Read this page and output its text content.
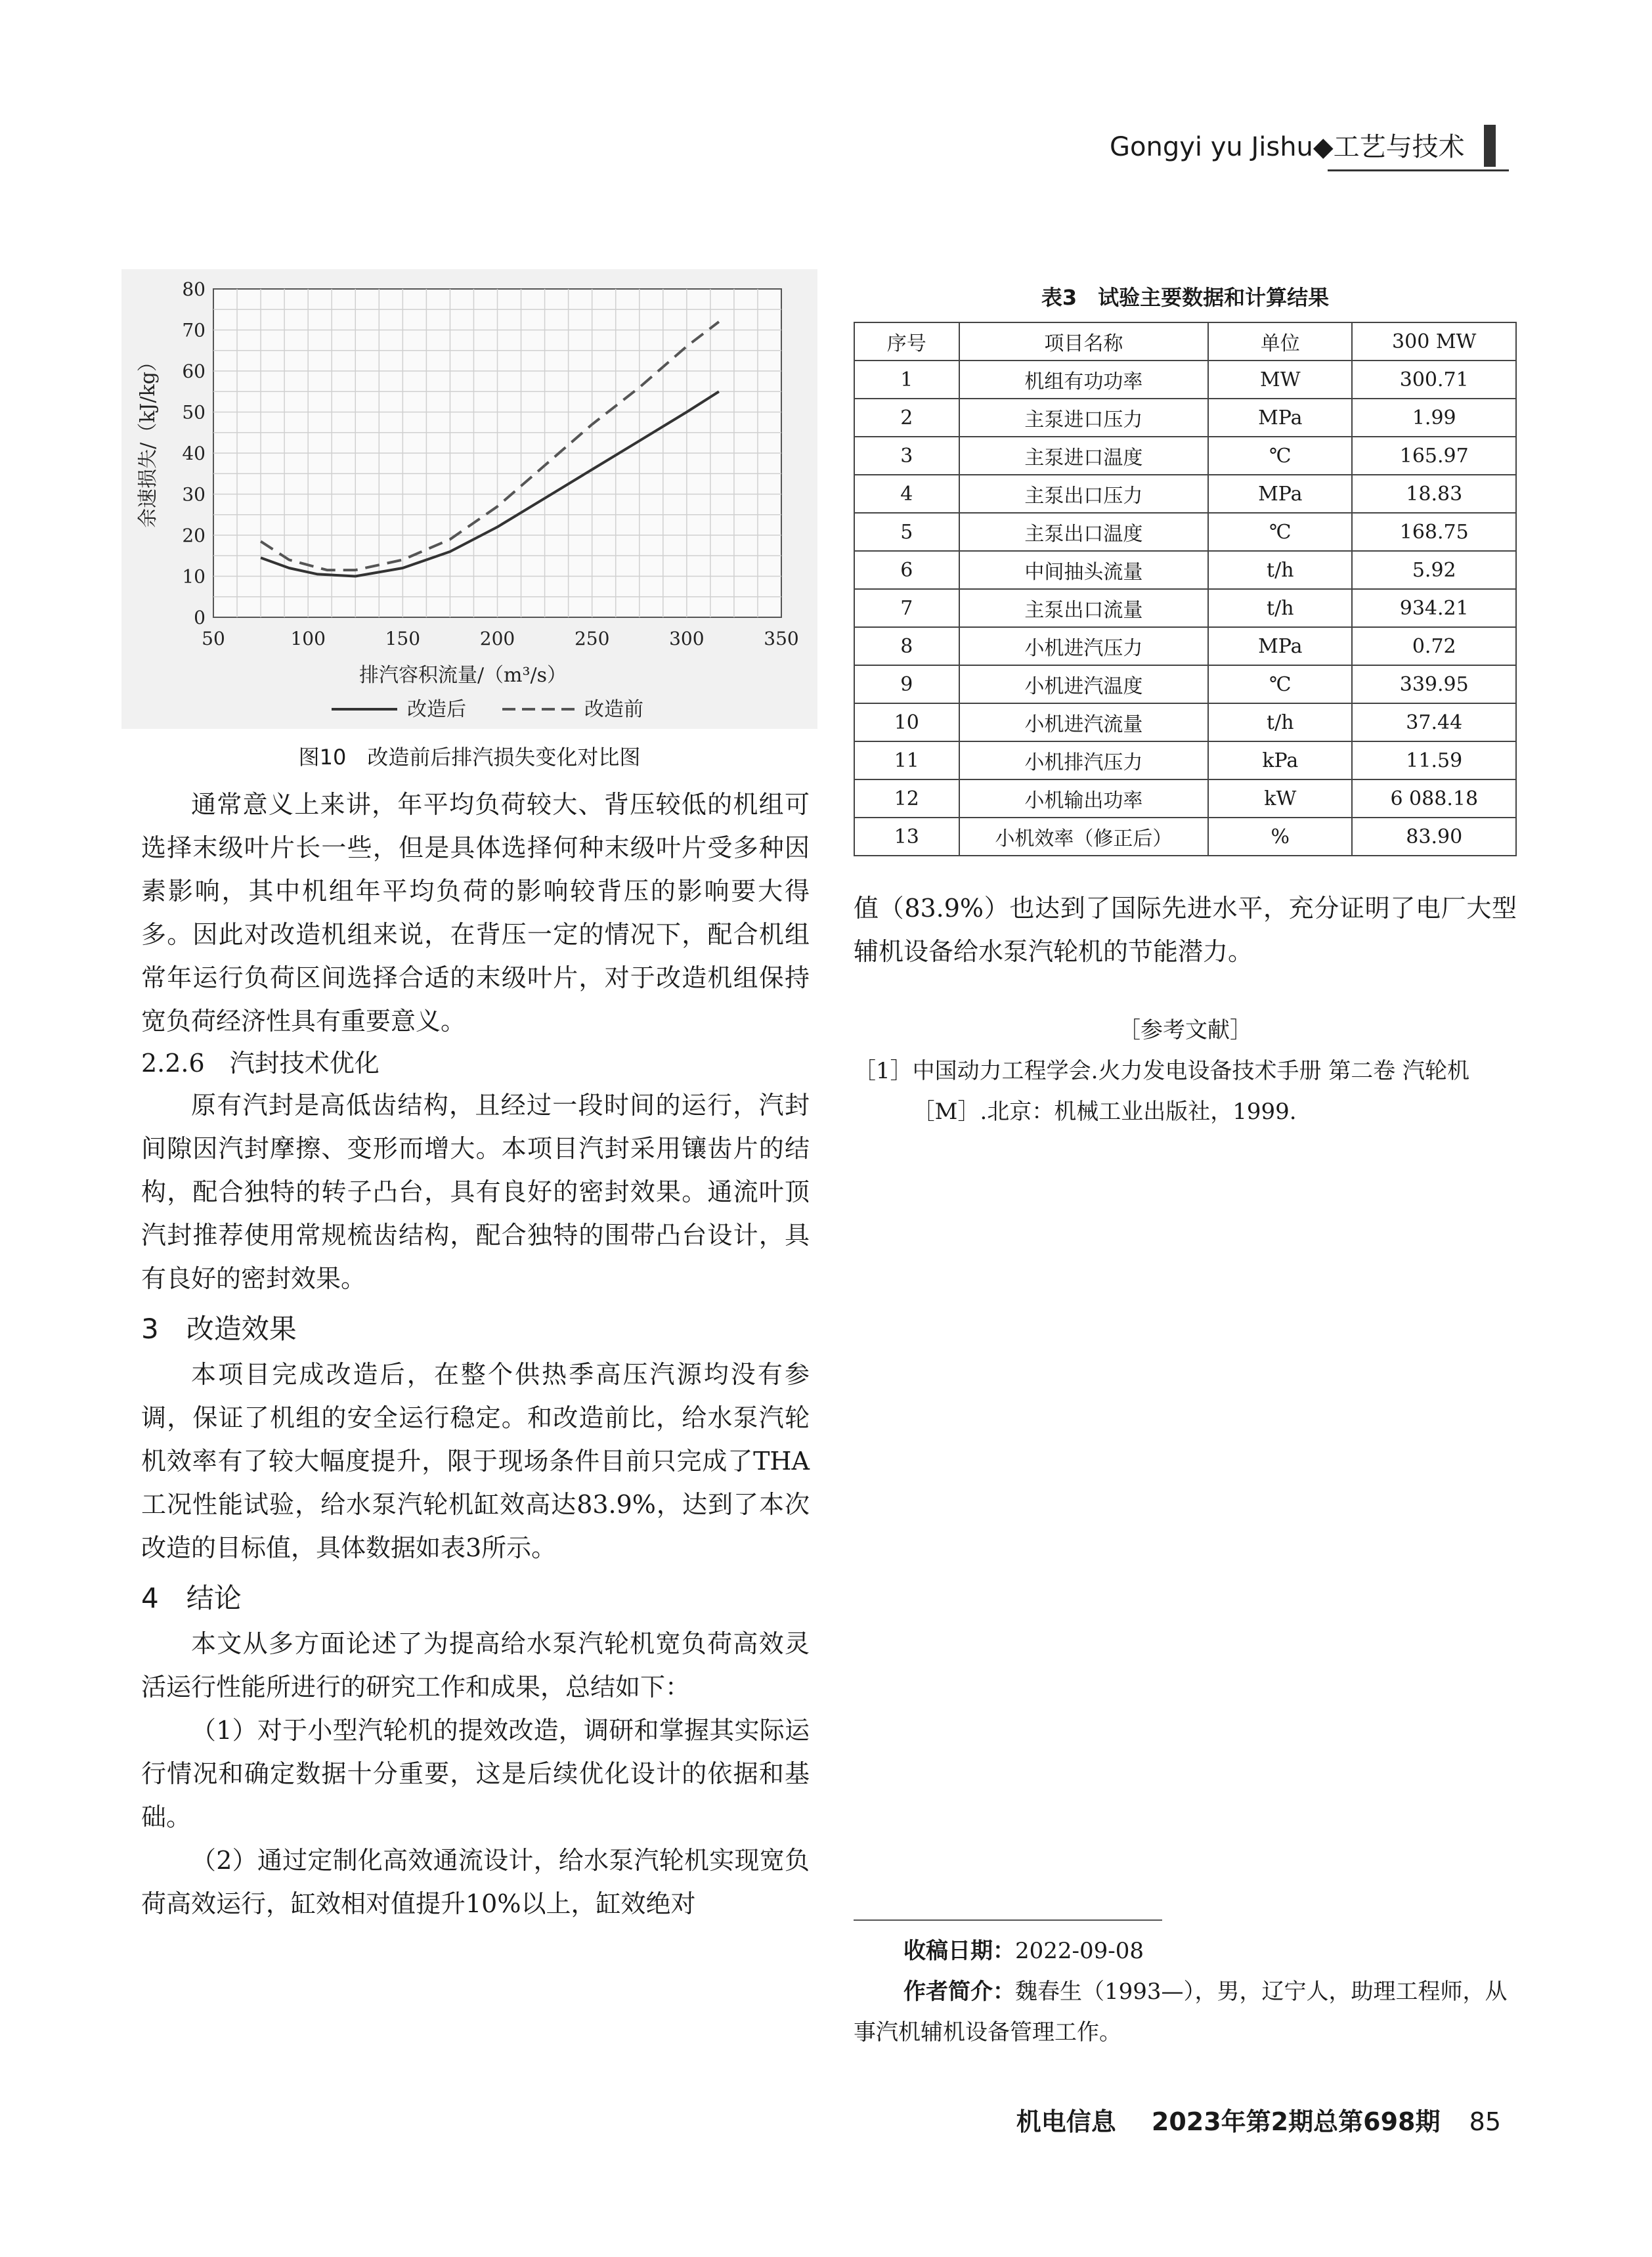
Gongyi yu Jishu◆工艺与技术
50	100	150	200	250	300	350
0
10
20
30
40
50
60
70
80
排汽容积流量/（m³/s）
余速损失/（kJ/kg）
改造后	改造前
图10　改造前后排汽损失变化对比图

通常意义上来讲，年平均负荷较大、背压较低的机组可选择末级叶片长一些，但是具体选择何种末级叶片受多种因素影响，其中机组年平均负荷的影响较背压的影响要大得多。因此对改造机组来说，在背压一定的情况下，配合机组常年运行负荷区间选择合适的末级叶片，对于改造机组保持宽负荷经济性具有重要意义。

2.2.6　汽封技术优化

原有汽封是高低齿结构，且经过一段时间的运行，汽封间隙因汽封摩擦、变形而增大。本项目汽封采用镶齿片的结构，配合独特的转子凸台，具有良好的密封效果。通流叶顶汽封推荐使用常规梳齿结构，配合独特的围带凸台设计，具有良好的密封效果。

3　改造效果

本项目完成改造后，在整个供热季高压汽源均没有参调，保证了机组的安全运行稳定。和改造前比，给水泵汽轮机效率有了较大幅度提升，限于现场条件目前只完成了THA工况性能试验，给水泵汽轮机缸效高达83.9%，达到了本次改造的目标值，具体数据如表3所示。

4　结论

本文从多方面论述了为提高给水泵汽轮机宽负荷高效灵活运行性能所进行的研究工作和成果，总结如下：

（1）对于小型汽轮机的提效改造，调研和掌握其实际运行情况和确定数据十分重要，这是后续优化设计的依据和基础。

（2）通过定制化高效通流设计，给水泵汽轮机实现宽负荷高效运行，缸效相对值提升10%以上，缸效绝对

表3　试验主要数据和计算结果
序号	项目名称	单位	300 MW
1	机组有功功率	MW	300.71
2	主泵进口压力	MPa	1.99
3	主泵进口温度	℃	165.97
4	主泵出口压力	MPa	18.83
5	主泵出口温度	℃	168.75
6	中间抽头流量	t/h	5.92
7	主泵出口流量	t/h	934.21
8	小机进汽压力	MPa	0.72
9	小机进汽温度	℃	339.95
10	小机进汽流量	t/h	37.44
11	小机排汽压力	kPa	11.59
12	小机输出功率	kW	6 088.18
13	小机效率（修正后）	%	83.90

值（83.9%）也达到了国际先进水平，充分证明了电厂大型辅机设备给水泵汽轮机的节能潜力。

［参考文献］

［1］ 中国动力工程学会.火力发电设备技术手册 第二卷 汽轮机［M］.北京：机械工业出版社，1999.

收稿日期：2022-09-08

作者简介：魏春生（1993—），男，辽宁人，助理工程师，从事汽机辅机设备管理工作。

机电信息 2023年第2期总第698期 85
